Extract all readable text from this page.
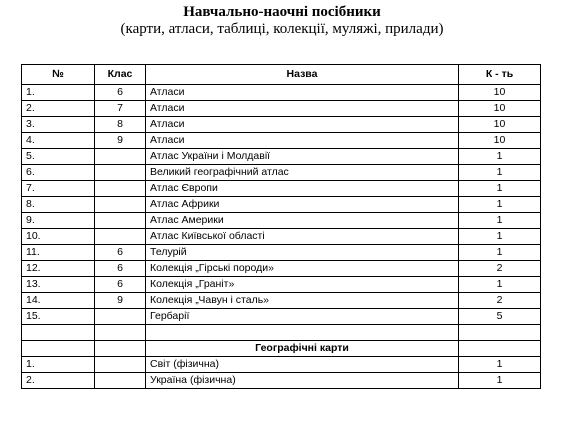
Навчально-наочні посібники
(карти, атласи, таблиці, колекції, муляжі, прилади)
№	Клас	Назва	К - ть
1.	6	Атласи	10
2.	7	Атласи	10
3.	8	Атласи	10
4.	9	Атласи	10
5.		Атлас України і Молдавії	1
6.		Великий географічний атлас	1
7.		Атлас Європи	1
8.		Атлас Африки	1
9.		Атлас Америки	1
10.		Атлас Київської області	1
11.	6	Телурій	1
12.	6	Колекція „Гірські породи»	2
13.	6	Колекція „Граніт»	1
14.	9	Колекція „Чавун і сталь»	2
15.		Гербарії	5

		Географічні карти	
1.		Світ (фізична)	1
2.		Україна (фізична)	1
